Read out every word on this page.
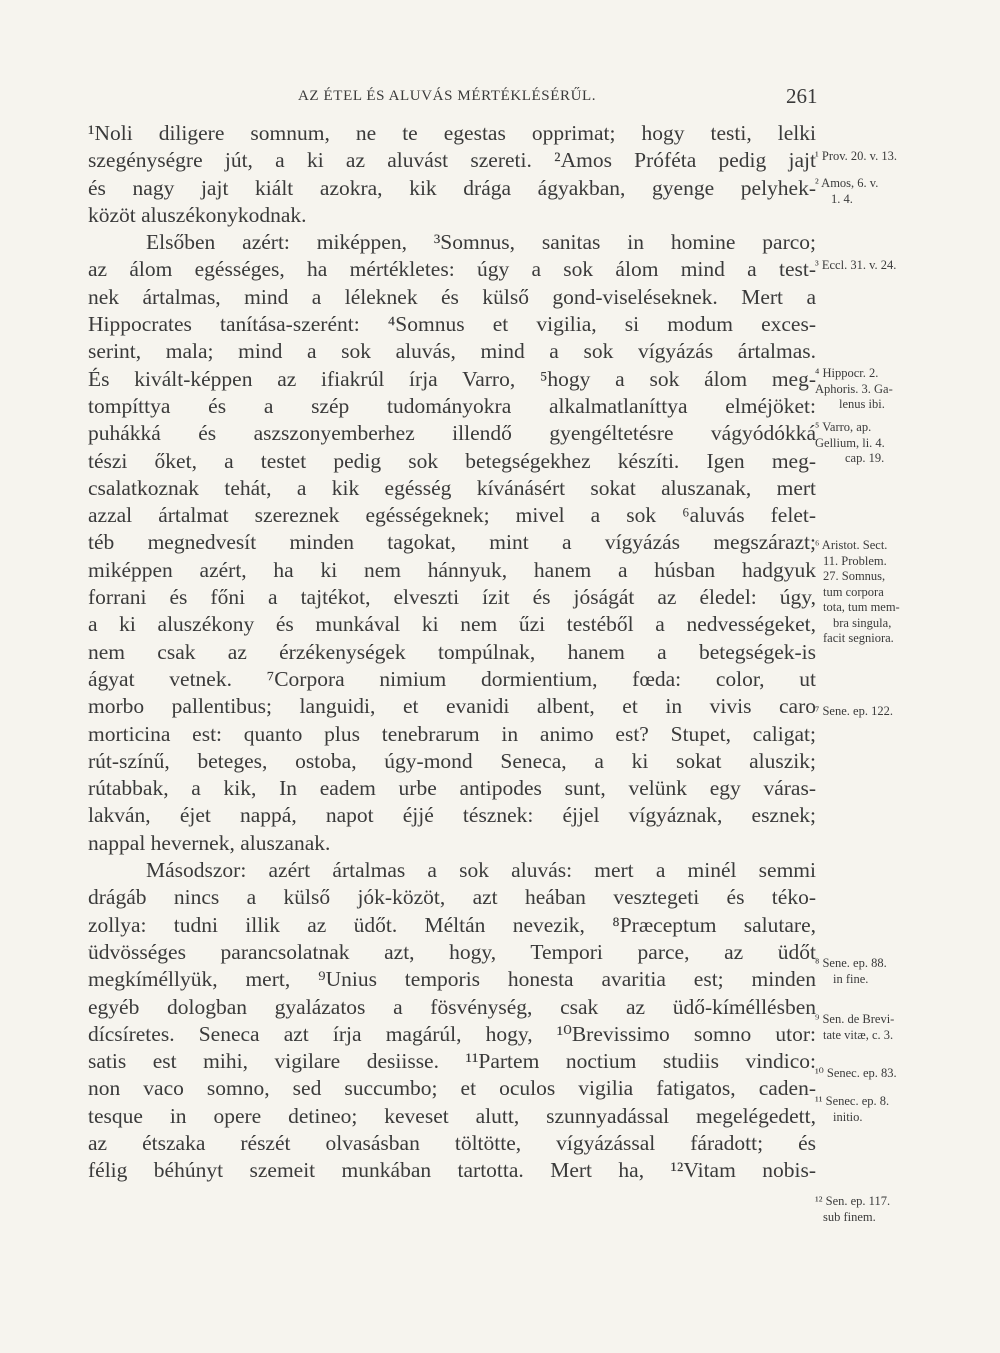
AZ ÉTEL ÉS ALUVÁS MÉRTÉKLÉSÉRŰL.	261
¹Noli diligere somnum, ne te egestas opprimat; hogy testi, lelki
szegénységre jút, a ki az aluvást szereti. ²Amos Próféta pedig jajt
és nagy jajt kiált azokra, kik drága ágyakban, gyenge pelyhek-
közöt aluszékonykodnak.
Elsőben azért: miképpen, ³Somnus, sanitas in homine parco;
az álom egésséges, ha mértékletes: úgy a sok álom mind a test-
nek ártalmas, mind a léleknek és külső gond-viseléseknek. Mert a
Hippocrates tanítása-szerént: ⁴Somnus et vigilia, si modum exces-
serint, mala; mind a sok aluvás, mind a sok vígyázás ártalmas.
És kivált-képpen az ifiakrúl írja Varro, ⁵hogy a sok álom meg-
tompíttya és a szép tudományokra alkalmatlaníttya elméjöket:
puhákká és aszszonyemberhez illendő gyengéltetésre vágyódókká
tészi őket, a testet pedig sok betegségekhez készíti. Igen meg-
csalatkoznak tehát, a kik egésség kívánásért sokat aluszanak, mert
azzal ártalmat szereznek egésségeknek; mivel a sok ⁶aluvás felet-
téb megnedvesít minden tagokat, mint a vígyázás megszárazt;
miképpen azért, ha ki nem hánnyuk, hanem a húsban hadgyuk
forrani és főni a tajtékot, elveszti ízit és jóságát az éledel: úgy,
a ki aluszékony és munkával ki nem űzi testéből a nedvességeket,
nem csak az érzékenységek tompúlnak, hanem a betegségek-is
ágyat vetnek. ⁷Corpora nimium dormientium, fœda: color, ut
morbo pallentibus; languidi, et evanidi albent, et in vivis caro
morticina est: quanto plus tenebrarum in animo est? Stupet, caligat;
rút-színű, beteges, ostoba, úgy-mond Seneca, a ki sokat aluszik;
rútabbak, a kik, In eadem urbe antipodes sunt, velünk egy váras-
lakván, éjet nappá, napot éjjé tésznek: éjjel vígyáznak, esznek;
nappal hevernek, aluszanak.
Másodszor: azért ártalmas a sok aluvás: mert a minél semmi
drágáb nincs a külső jók-közöt, azt heában vesztegeti és téko-
zollya: tudni illik az üdőt. Méltán nevezik, ⁸Præceptum salutare,
üdvösséges parancsolatnak azt, hogy, Tempori parce, az üdőt
megkíméllyük, mert, ⁹Unius temporis honesta avaritia est; minden
egyéb dologban gyalázatos a fösvénység, csak az üdő-kíméllésben
dícsíretes. Seneca azt írja magárúl, hogy, ¹⁰Brevissimo somno utor:
satis est mihi, vigilare desiisse. ¹¹Partem noctium studiis vindico:
non vaco somno, sed succumbo; et oculos vigilia fatigatos, caden-
tesque in opere detineo; keveset alutt, szunnyadással megelégedett,
az étszaka részét olvasásban töltötte, vígyázással fáradott; és
félig béhúnyt szemeit munkában tartotta. Mert ha, ¹²Vitam nobis-
¹ Prov. 20. v. 13.
² Amos, 6. v.
1. 4.
³ Eccl. 31. v. 24.
⁴ Hippocr. 2.
Aphoris. 3. Ga-
lenus ibi.
⁵ Varro, ap.
Gellium, li. 4.
cap. 19.
⁶ Aristot. Sect.
11. Problem.
27. Somnus,
tum corpora
tota, tum mem-
bra singula,
facit segniora.
⁷ Sene. ep. 122.
⁸ Sene. ep. 88.
in fine.
⁹ Sen. de Brevi-
tate vitæ, c. 3.
¹⁰ Senec. ep. 83.
¹¹ Senec. ep. 8.
initio.
¹² Sen. ep. 117.
sub finem.
